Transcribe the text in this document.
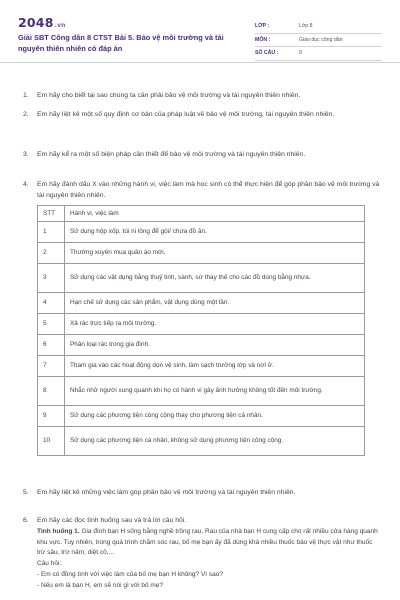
2048.vn
Giải SBT Công dân 8 CTST Bài 5. Bảo vệ môi trường và tài nguyên thiên nhiên có đáp án
LỚP :	Lớp 8
MÔN :	Giáo dục công dân
SỐ CÂU :	9
1. Em hãy cho biết tại sao chúng ta cần phải bảo vệ môi trường và tài nguyên thiên nhiên.
2. Em hãy liệt kê một số quy định cơ bản của pháp luật về bảo vệ môi trường, tài nguyên thiên nhiên.
3. Em hãy kể ra một số biện pháp cần thiết để bảo vệ môi trường và tài nguyên thiên nhiên.
4. Em hãy đánh dấu X vào những hành vi, việc làm mà học sinh có thể thực hiện để góp phần bảo vệ môi trường và tài nguyên thiên nhiên.
STT	Hành vi, việc làm
1	Sử dụng hộp xốp, túi ni lông để gói/ chứa đồ ăn.
2	Thường xuyên mua quần áo mới.
3	Sử dụng các vật dụng bằng thuỷ tinh, sành, sứ thay thế cho các đồ dùng bằng nhựa.
4	Hạn chế sử dụng các sản phẩm, vật dụng dùng một lần.
5	Xả rác trực tiếp ra môi trường.
6	Phân loại rác trong gia đình.
7	Tham gia vào các hoạt động dọn vệ sinh, làm sạch trường lớp và nơi ở.
8	Nhắc nhở người xung quanh khi họ có hành vi gây ảnh hưởng không tốt đến môi trường.
9	Sử dụng các phương tiện công cộng thay cho phương tiện cá nhân.
10	Sử dụng các phương tiện cá nhân, không sử dụng phương tiện công cộng.
5. Em hãy liệt kê những việc làm góp phần bảo vệ môi trường và tài nguyên thiên nhiên.
6. Em hãy các đọc tình huống sau và trả lời câu hỏi.
Tình huống 1. Gia đình bạn H sống bằng nghề trồng rau. Rau của nhà bạn H cung cấp cho rất nhiều cửa hàng quanh khu vực. Tuy nhiên, trong quá trình chăm sóc rau, bố mẹ bạn ấy đã dùng khá nhiều thuốc bảo vệ thực vật như thuốc trừ sâu, trừ nấm, diệt cỏ,...
Câu hỏi:
- Em có đồng tình với việc làm của bố mẹ bạn H không? Vì sao?
- Nếu em là bạn H, em sẽ nói gì với bố mẹ?
